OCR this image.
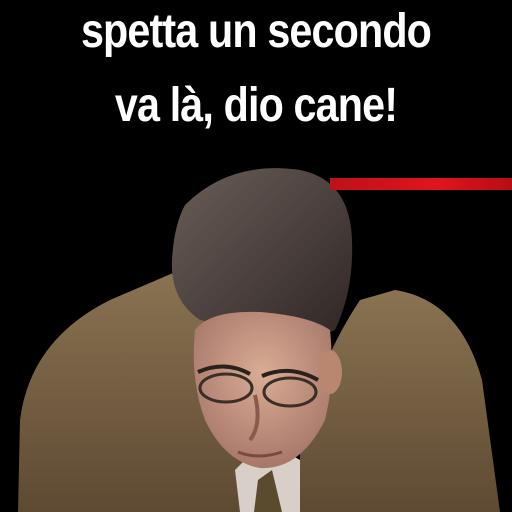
spetta un secondo
va là, dio cane!
